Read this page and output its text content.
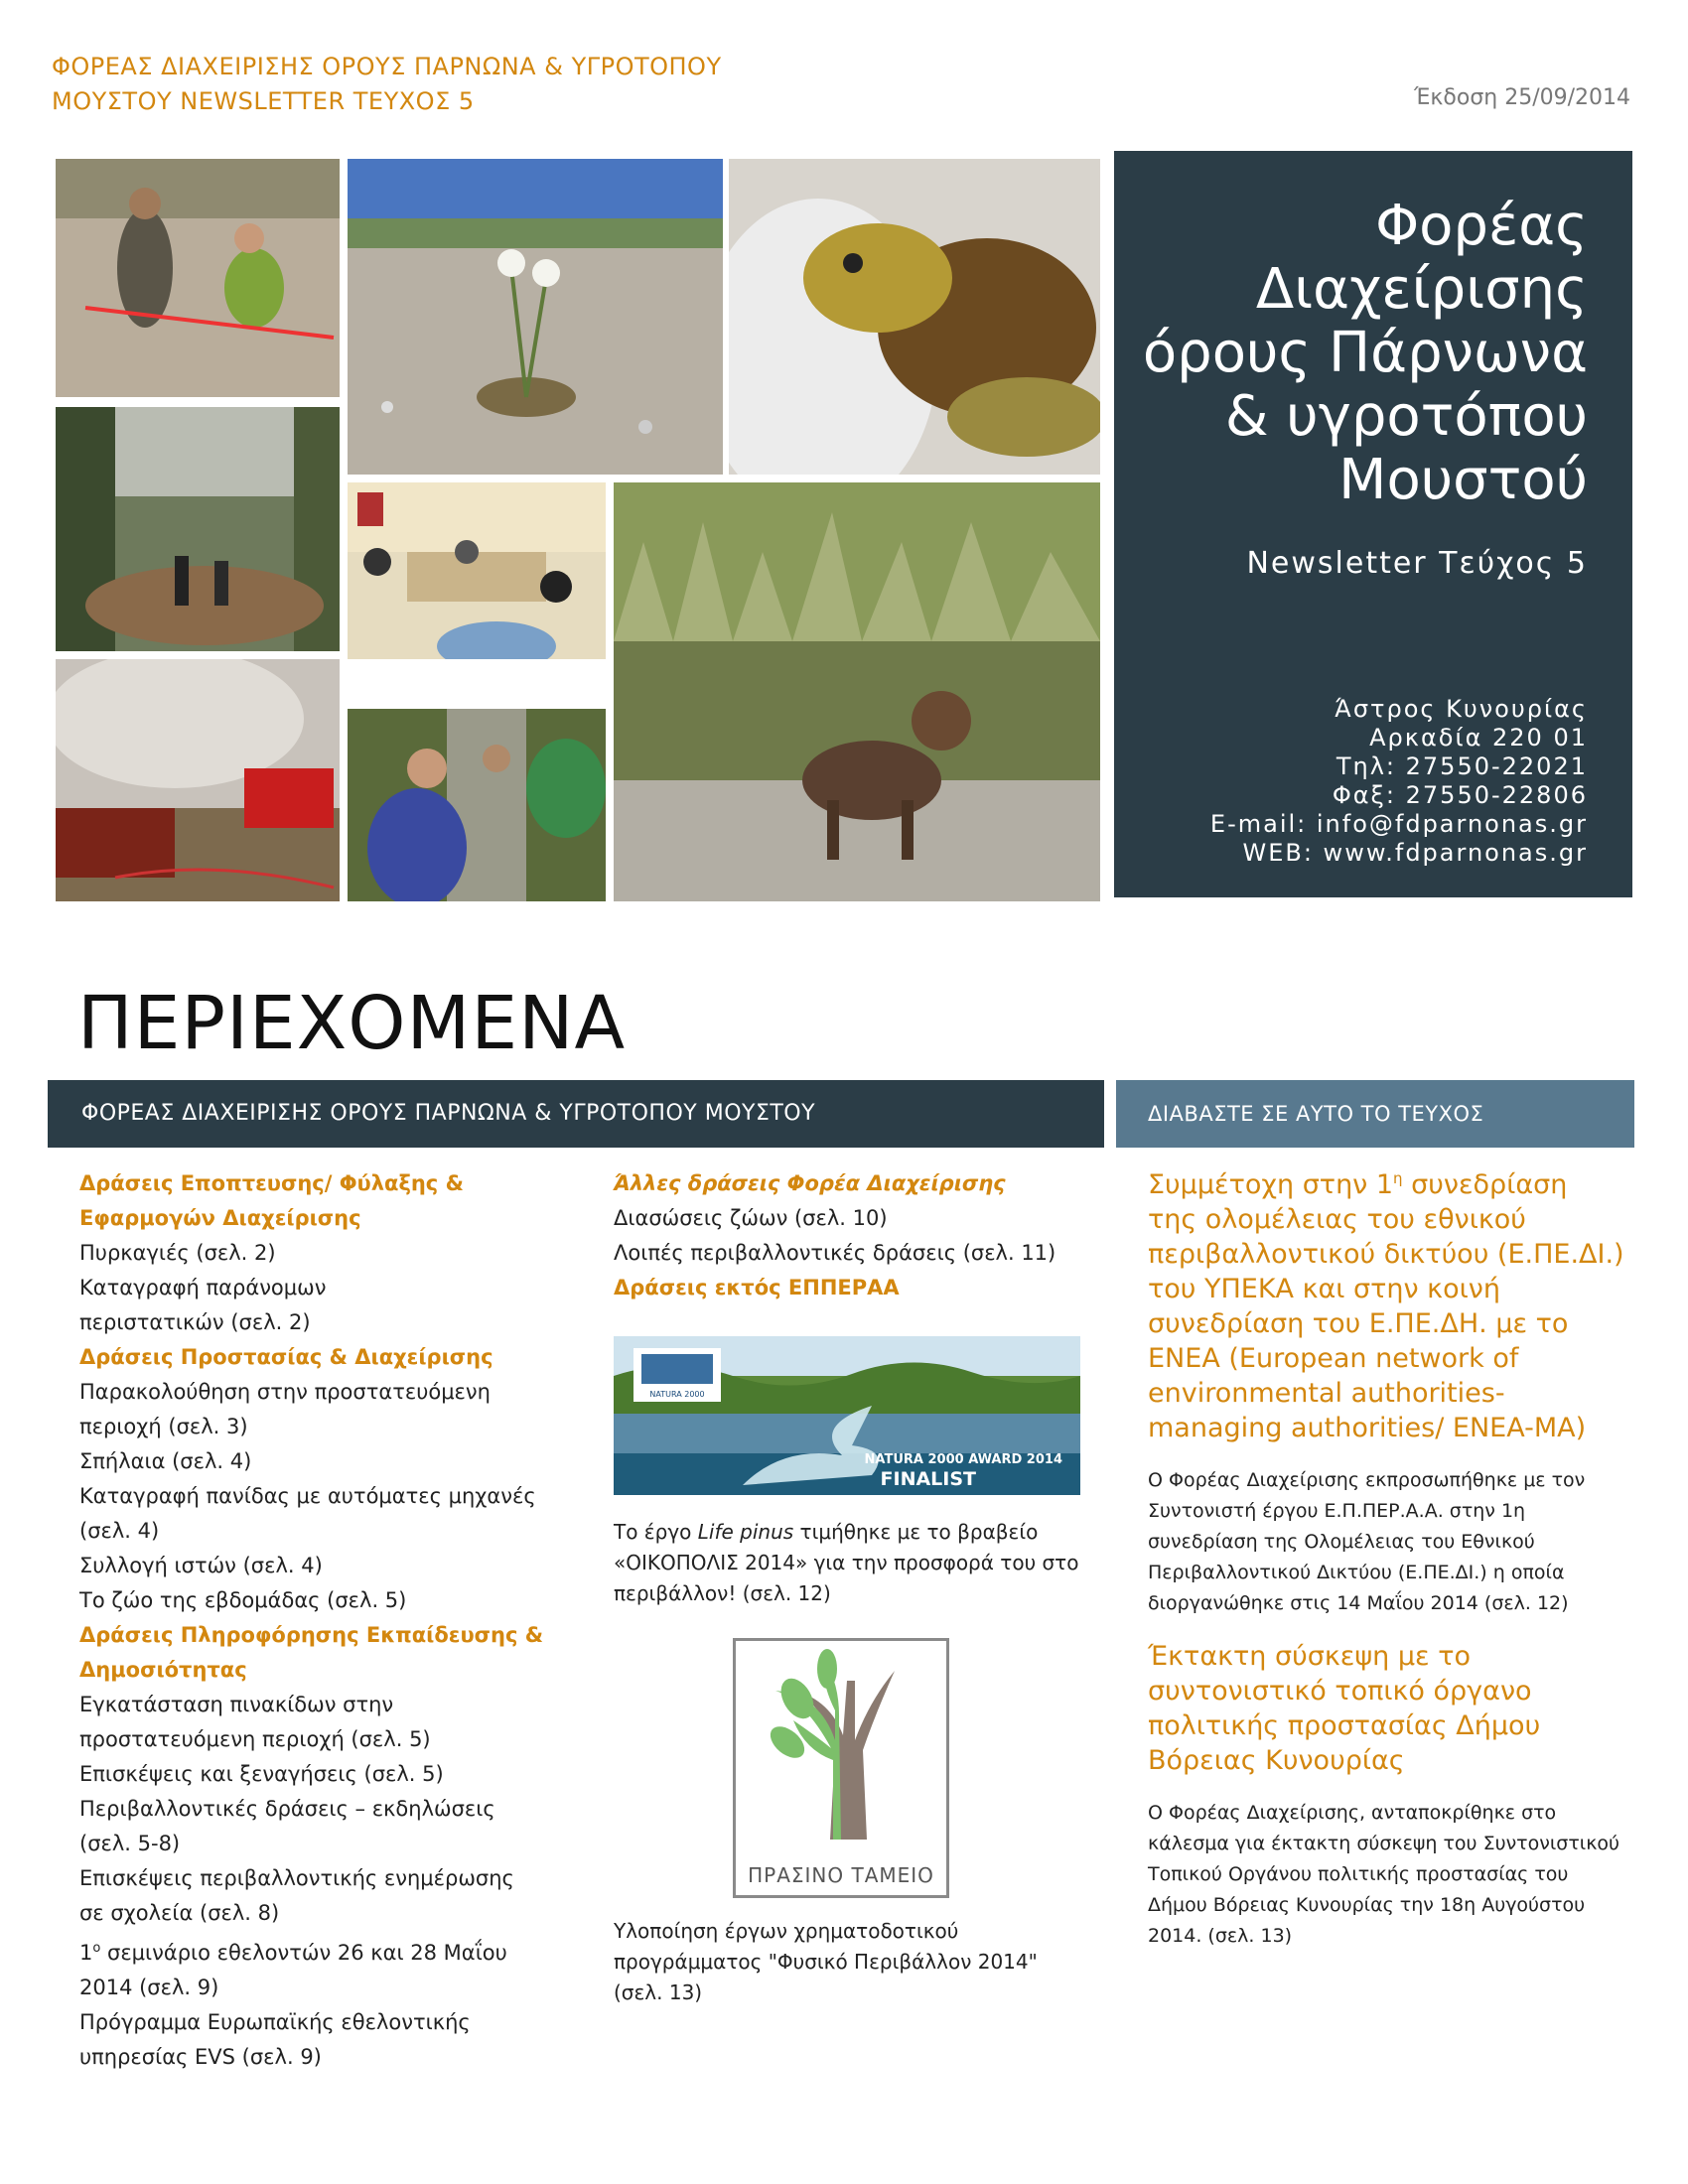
ΦΟΡΕΑΣ ΔΙΑΧΕΙΡΙΣΗΣ ΟΡΟΥΣ ΠΑΡΝΩΝΑ & ΥΓΡΟΤΟΠΟΥ
ΜΟΥΣΤΟΥ NEWSLETTER ΤΕΥΧΟΣ 5	Έκδοση 25/09/2014
Φορέας
Διαχείρισης
όρους Πάρνωνα
& υγροτόπου
Μουστού
Newsletter Τεύχος 5
Άστρος Κυνουρίας
Αρκαδία 220 01
Τηλ: 27550-22021
Φαξ: 27550-22806
E-mail: info@fdparnonas.gr
WEB: www.fdparnonas.gr
ΠΕΡΙΕΧΟΜΕΝΑ
ΦΟΡΕΑΣ ΔΙΑΧΕΙΡΙΣΗΣ ΟΡΟΥΣ ΠΑΡΝΩΝΑ & ΥΓΡΟΤΟΠΟΥ ΜΟΥΣΤΟΥ	ΔΙΑΒΑΣΤΕ ΣΕ ΑΥΤΟ ΤΟ ΤΕΥΧΟΣ
Δράσεις Εποπτευσης/ Φύλαξης &
Εφαρμογών Διαχείρισης
Πυρκαγιές (σελ. 2)
Καταγραφή παράνομων
περιστατικών (σελ. 2)
Δράσεις Προστασίας & Διαχείρισης
Παρακολούθηση στην προστατευόμενη
περιοχή (σελ. 3)
Σπήλαια (σελ. 4)
Καταγραφή πανίδας με αυτόματες μηχανές
(σελ. 4)
Συλλογή ιστών (σελ. 4)
Το ζώο της εβδομάδας (σελ. 5)
Δράσεις Πληροφόρησης Εκπαίδευσης &
Δημοσιότητας
Εγκατάσταση πινακίδων στην
προστατευόμενη περιοχή (σελ. 5)
Επισκέψεις και ξεναγήσεις (σελ. 5)
Περιβαλλοντικές δράσεις – εκδηλώσεις
(σελ. 5-8)
Επισκέψεις περιβαλλοντικής ενημέρωσης
σε σχολεία (σελ. 8)
$1^o$ σεμινάριο εθελοντών 26 και 28 Μαΐου
2014 (σελ. 9)
Πρόγραμμα Ευρωπαϊκής εθελοντικής
υπηρεσίας EVS (σελ. 9)
Άλλες δράσεις Φορέα Διαχείρισης
Διασώσεις ζώων (σελ. 10)
Λοιπές περιβαλλοντικές δράσεις (σελ. 11)
Δράσεις εκτός ΕΠΠΕΡΑΑ
NATURA 2000
NATURA 2000 AWARD 2014
FINALIST
Το έργο Life pinus τιμήθηκε με το βραβείο «ΟΙΚΟΠΟΛΙΣ 2014» για την προσφορά του στο περιβάλλον! (σελ. 12)
ΠΡΑΣΙΝΟ ΤΑΜΕΙΟ
Υλοποίηση έργων χρηματοδοτικού προγράμματος "Φυσικό Περιβάλλον 2014" (σελ. 13)
Συμμέτοχη στην $1^\eta$ συνεδρίαση της ολομέλειας του εθνικού περιβαλλοντικού δικτύου (Ε.ΠΕ.ΔΙ.) του ΥΠΕΚΑ και στην κοινή συνεδρίαση του Ε.ΠΕ.ΔΗ. με το ΕΝΕΑ (European network of environmental authorities-managing authorities/ ENEA-MA)
Ο Φορέας Διαχείρισης εκπροσωπήθηκε με τον Συντονιστή έργου Ε.Π.ΠΕΡ.Α.Α. στην 1η συνεδρίαση της Ολομέλειας του Εθνικού Περιβαλλοντικού Δικτύου (Ε.ΠΕ.ΔΙ.) η οποία διοργανώθηκε στις 14 Μαΐου 2014 (σελ. 12)
Έκτακτη σύσκεψη με το συντονιστικό τοπικό όργανο πολιτικής προστασίας Δήμου Βόρειας Κυνουρίας
Ο Φορέας Διαχείρισης, ανταποκρίθηκε στο κάλεσμα για έκτακτη σύσκεψη του Συντονιστικού Τοπικού Οργάνου πολιτικής προστασίας του Δήμου Βόρειας Κυνουρίας την 18η Αυγούστου 2014. (σελ. 13)
